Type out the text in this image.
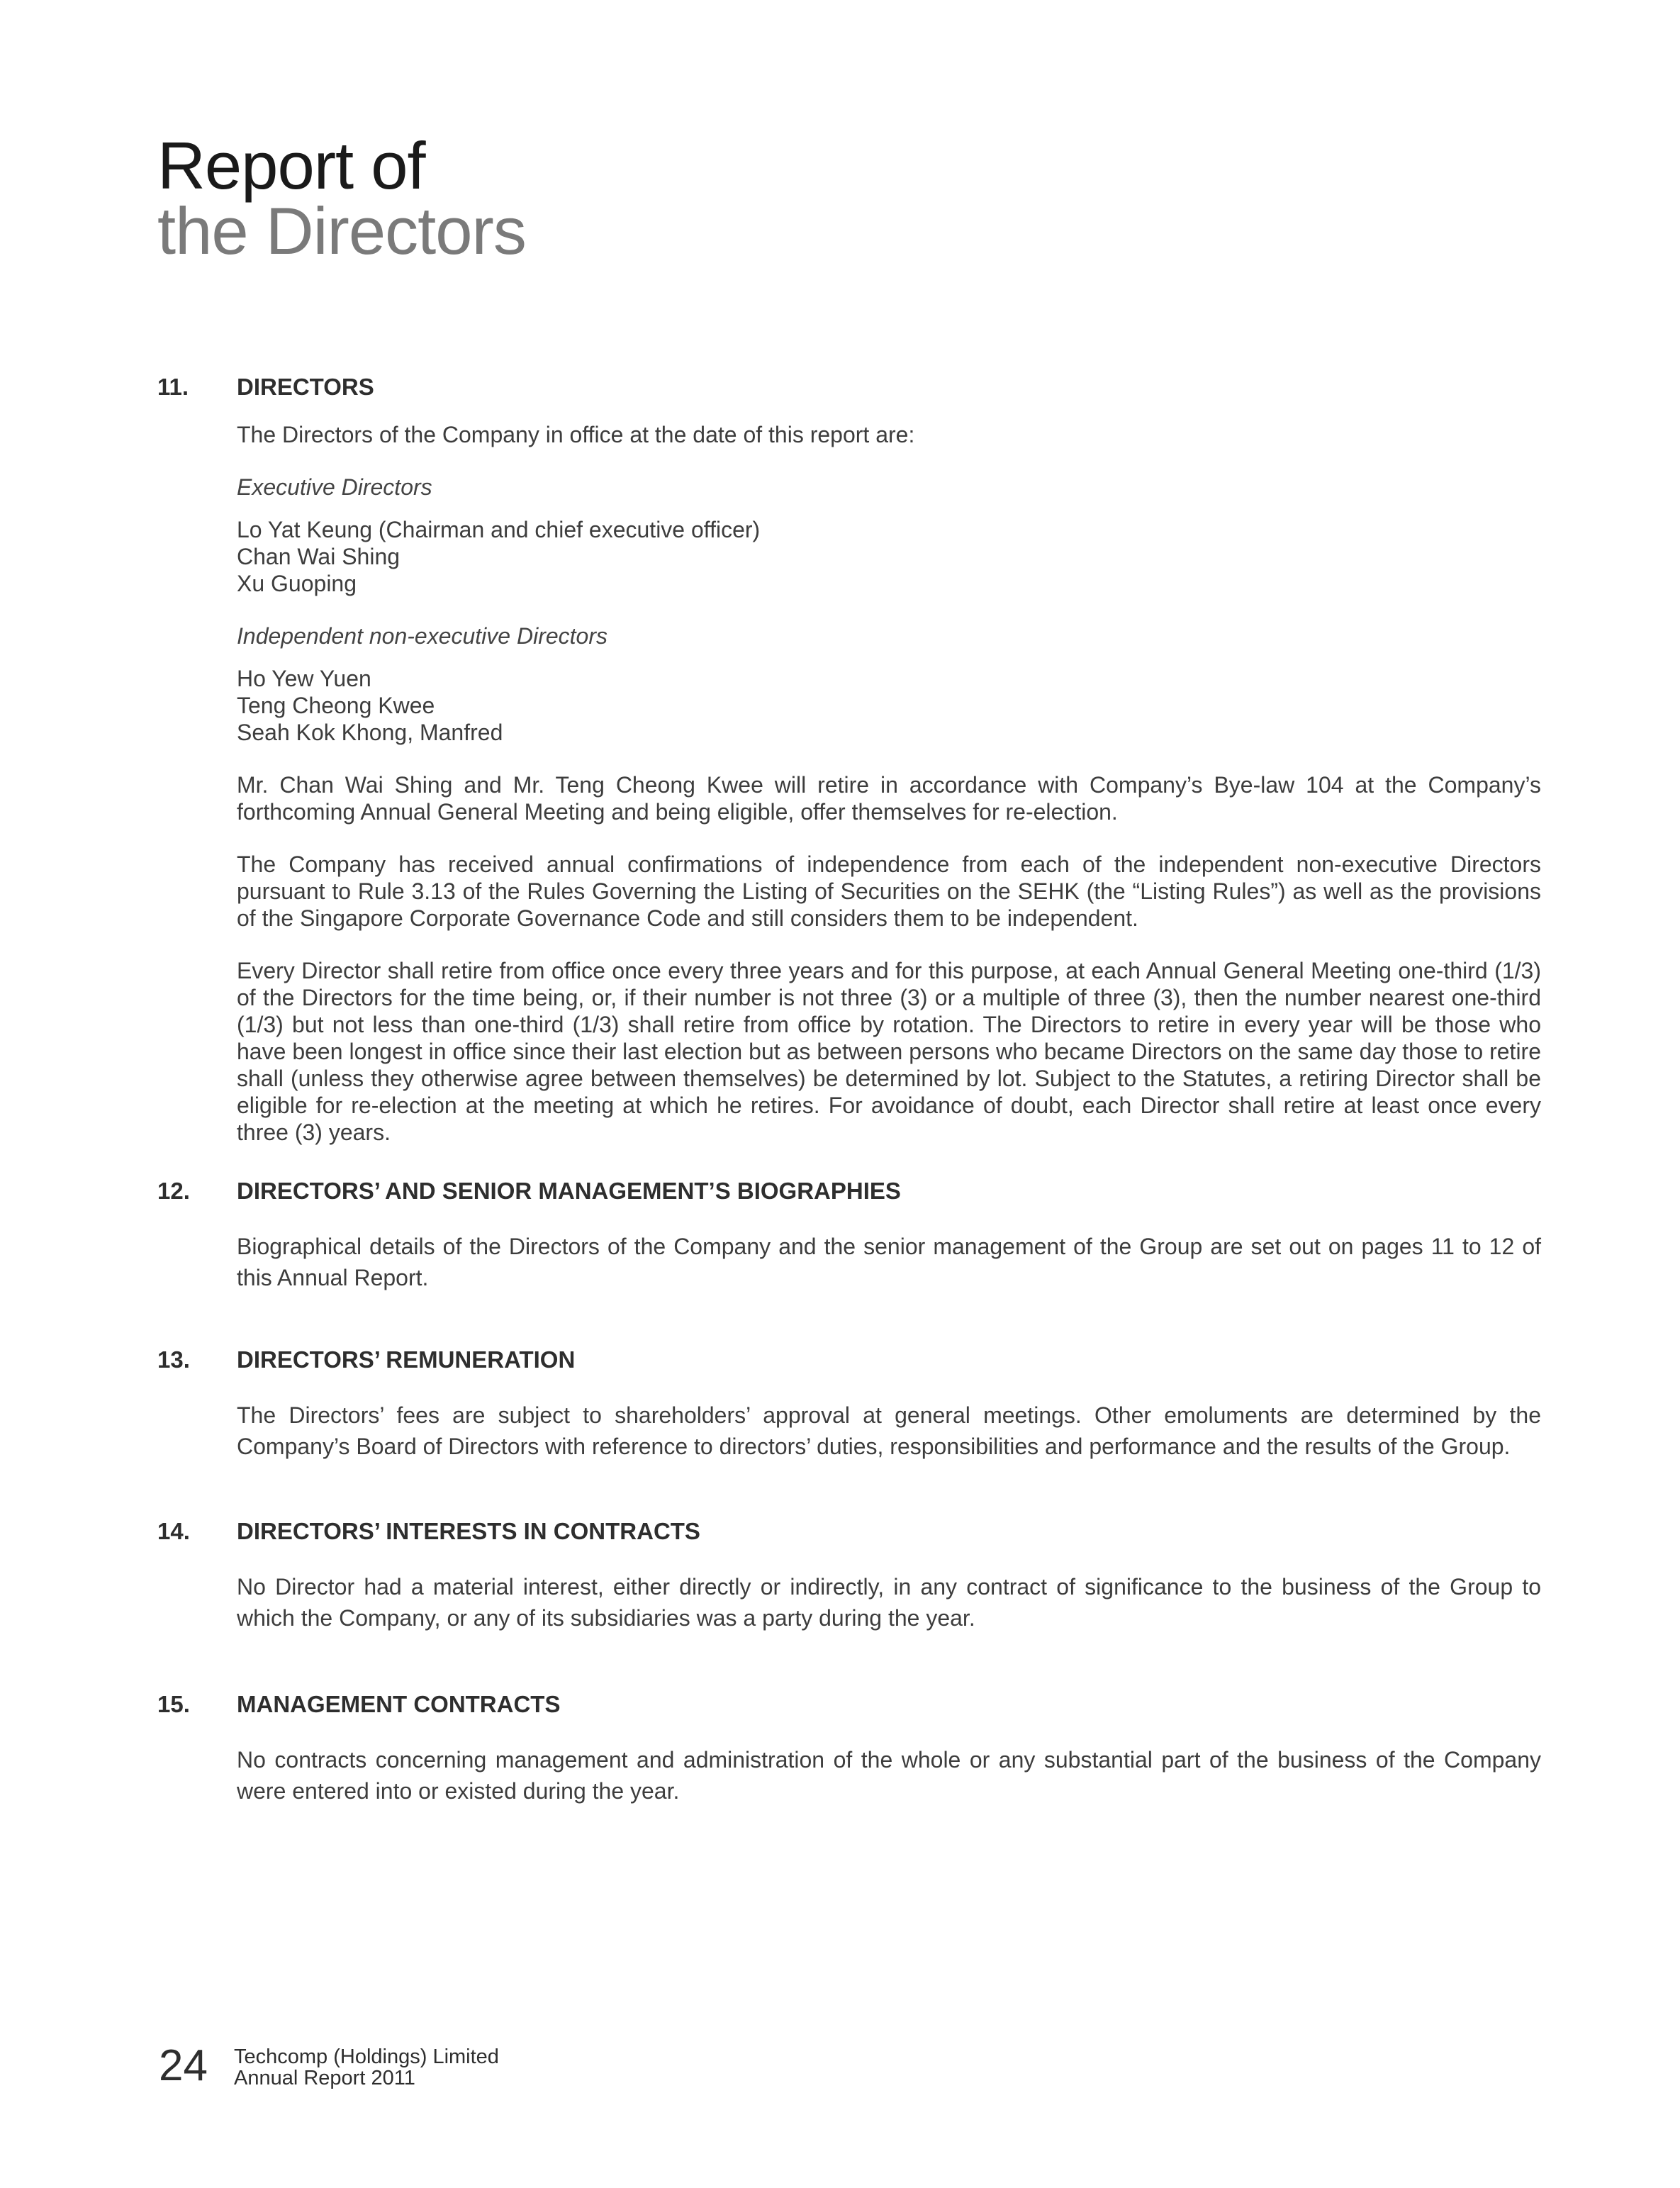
Report of
the Directors
11. DIRECTORS

The Directors of the Company in office at the date of this report are:

Executive Directors

Lo Yat Keung (Chairman and chief executive officer)
Chan Wai Shing
Xu Guoping

Independent non-executive Directors

Ho Yew Yuen
Teng Cheong Kwee
Seah Kok Khong, Manfred

Mr. Chan Wai Shing and Mr. Teng Cheong Kwee will retire in accordance with Company’s Bye-law 104 at the Company’s forthcoming Annual General Meeting and being eligible, offer themselves for re-election.

The Company has received annual confirmations of independence from each of the independent non-executive Directors pursuant to Rule 3.13 of the Rules Governing the Listing of Securities on the SEHK (the “Listing Rules”) as well as the provisions of the Singapore Corporate Governance Code and still considers them to be independent.

Every Director shall retire from office once every three years and for this purpose, at each Annual General Meeting one-third (1/3) of the Directors for the time being, or, if their number is not three (3) or a multiple of three (3), then the number nearest one-third (1/3) but not less than one-third (1/3) shall retire from office by rotation. The Directors to retire in every year will be those who have been longest in office since their last election but as between persons who became Directors on the same day those to retire shall (unless they otherwise agree between themselves) be determined by lot. Subject to the Statutes, a retiring Director shall be eligible for re-election at the meeting at which he retires. For avoidance of doubt, each Director shall retire at least once every three (3) years.

12. DIRECTORS’ AND SENIOR MANAGEMENT’S BIOGRAPHIES

Biographical details of the Directors of the Company and the senior management of the Group are set out on pages 11 to 12 of this Annual Report.

13. DIRECTORS’ REMUNERATION

The Directors’ fees are subject to shareholders’ approval at general meetings. Other emoluments are determined by the Company’s Board of Directors with reference to directors’ duties, responsibilities and performance and the results of the Group.

14. DIRECTORS’ INTERESTS IN CONTRACTS

No Director had a material interest, either directly or indirectly, in any contract of significance to the business of the Group to which the Company, or any of its subsidiaries was a party during the year.

15. MANAGEMENT CONTRACTS

No contracts concerning management and administration of the whole or any substantial part of the business of the Company were entered into or existed during the year.

24 Techcomp (Holdings) Limited
Annual Report 2011
